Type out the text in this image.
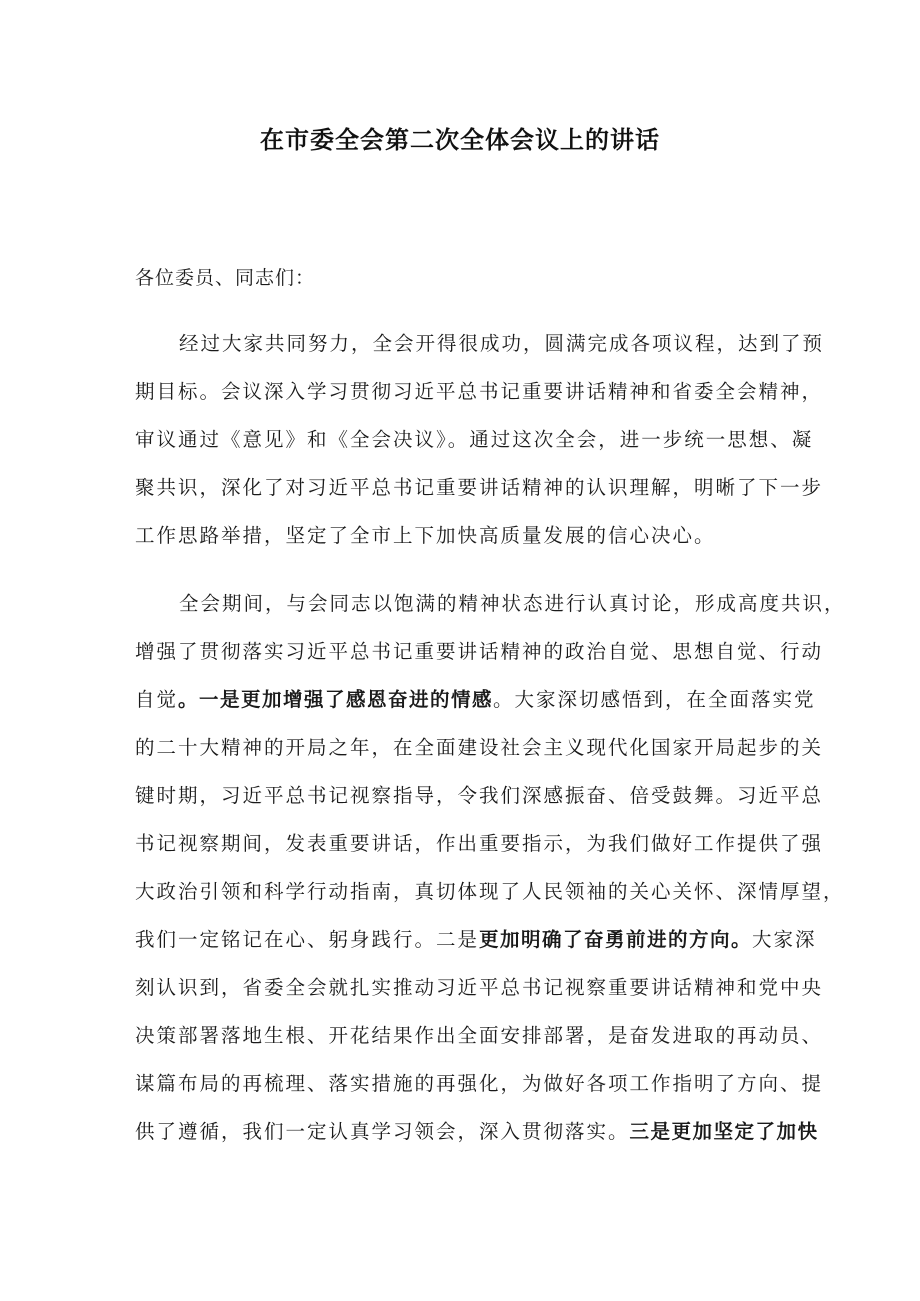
在市委全会第二次全体会议上的讲话
各位委员、同志们：
经过大家共同努力，全会开得很成功，圆满完成各项议程，达到了预
期目标。会议深入学习贯彻习近平总书记重要讲话精神和省委全会精神，
审议通过《意见》和《全会决议》。通过这次全会，进一步统一思想、凝
聚共识，深化了对习近平总书记重要讲话精神的认识理解，明晰了下一步
工作思路举措，坚定了全市上下加快高质量发展的信心决心。
全会期间，与会同志以饱满的精神状态进行认真讨论，形成高度共识，
增强了贯彻落实习近平总书记重要讲话精神的政治自觉、思想自觉、行动
自觉。一是更加增强了感恩奋进的情感。大家深切感悟到，在全面落实党
的二十大精神的开局之年，在全面建设社会主义现代化国家开局起步的关
键时期，习近平总书记视察指导，令我们深感振奋、倍受鼓舞。习近平总
书记视察期间，发表重要讲话，作出重要指示，为我们做好工作提供了强
大政治引领和科学行动指南，真切体现了人民领袖的关心关怀、深情厚望，
我们一定铭记在心、躬身践行。二是更加明确了奋勇前进的方向。大家深
刻认识到，省委全会就扎实推动习近平总书记视察重要讲话精神和党中央
决策部署落地生根、开花结果作出全面安排部署，是奋发进取的再动员、
谋篇布局的再梳理、落实措施的再强化，为做好各项工作指明了方向、提
供了遵循，我们一定认真学习领会，深入贯彻落实。三是更加坚定了加快
